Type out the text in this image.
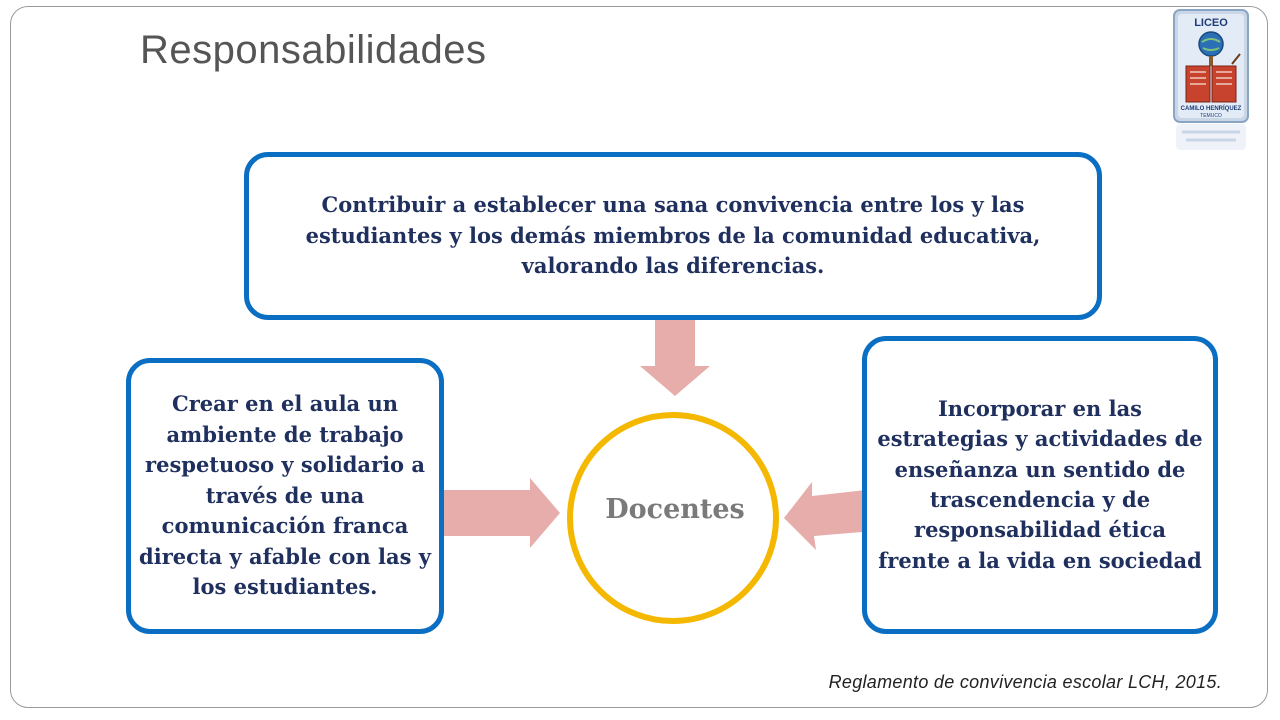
Responsabilidades
LICEO
CAMILO HENRÍQUEZ
TEMUCO
Docentes
Contribuir a establecer una sana convivencia entre los y las estudiantes y los demás miembros de la comunidad educativa, valorando las diferencias.
Crear en el aula un ambiente de trabajo respetuoso y solidario a través de una comunicación franca directa y afable con las y los estudiantes.
Incorporar en las estrategias y actividades de enseñanza un sentido de trascendencia y de responsabilidad ética frente a la vida en sociedad
Reglamento de convivencia escolar LCH, 2015.
